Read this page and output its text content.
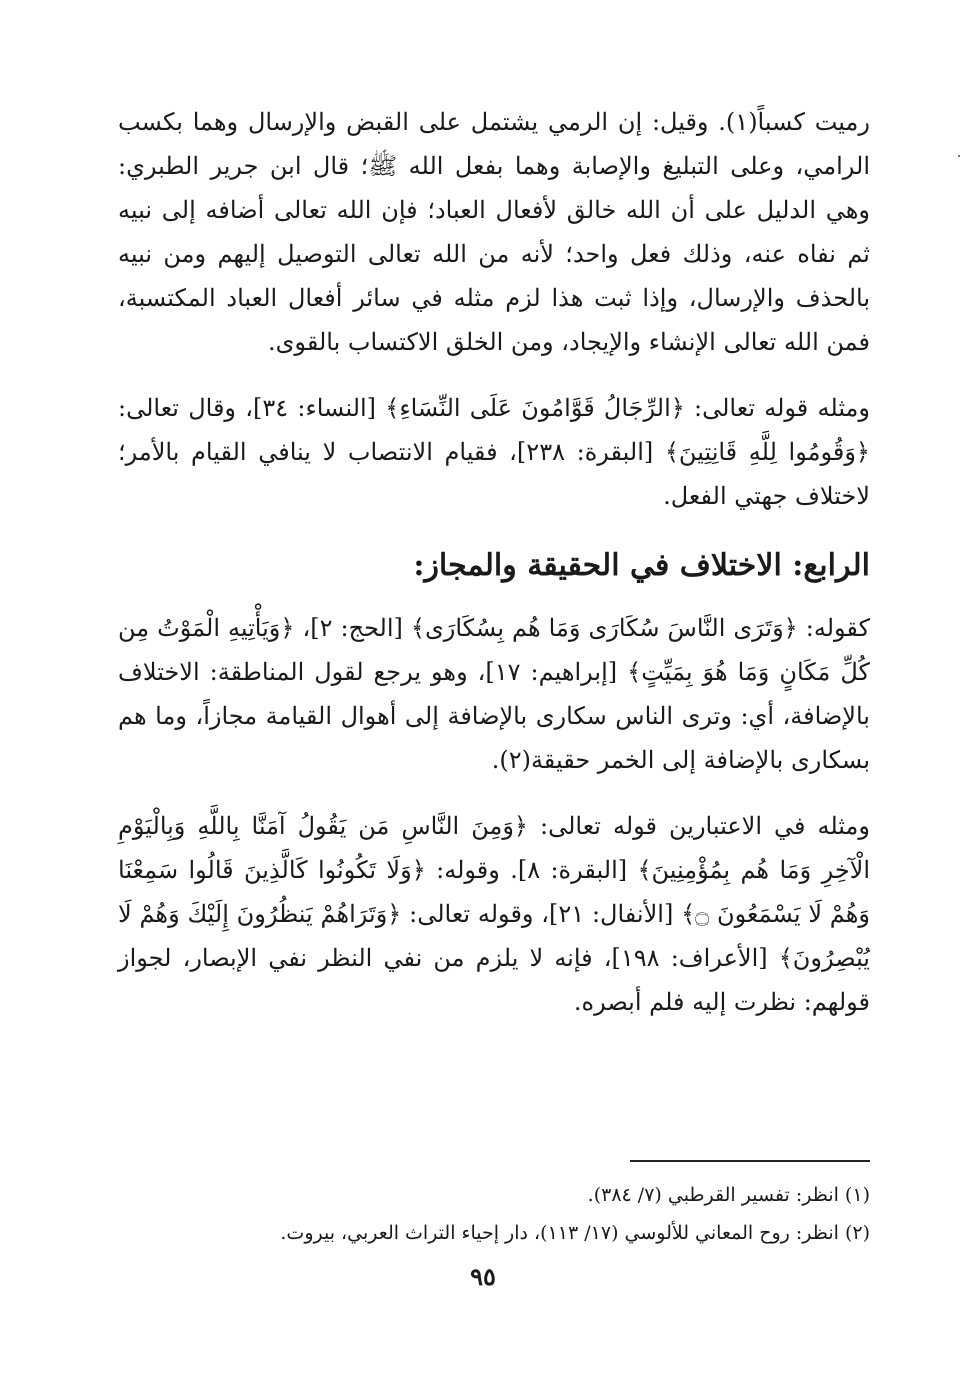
رميت كسباً(١). وقيل: إن الرمي يشتمل على القبض والإرسال وهما بكسب الرامي، وعلى التبليغ والإصابة وهما بفعل الله ﷺ؛ قال ابن جرير الطبري: وهي الدليل على أن الله خالق لأفعال العباد؛ فإن الله تعالى أضافه إلى نبيه ثم نفاه عنه، وذلك فعل واحد؛ لأنه من الله تعالى التوصيل إليهم ومن نبيه بالحذف والإرسال، وإذا ثبت هذا لزم مثله في سائر أفعال العباد المكتسبة، فمن الله تعالى الإنشاء والإيجاد، ومن الخلق الاكتساب بالقوى.

ومثله قوله تعالى: ﴿الرِّجَالُ قَوَّامُونَ عَلَى النِّسَاءِ﴾ [النساء: ٣٤]، وقال تعالى: ﴿وَقُومُوا لِلَّهِ قَانِتِينَ﴾ [البقرة: ٢٣٨]، فقيام الانتصاب لا ينافي القيام بالأمر؛ لاختلاف جهتي الفعل.

الرابع: الاختلاف في الحقيقة والمجاز:

كقوله: ﴿وَتَرَى النَّاسَ سُكَارَى وَمَا هُم بِسُكَارَى﴾ [الحج: ٢]، ﴿وَيَأْتِيهِ الْمَوْتُ مِن كُلِّ مَكَانٍ وَمَا هُوَ بِمَيِّتٍ﴾ [إبراهيم: ١٧]، وهو يرجع لقول المناطقة: الاختلاف بالإضافة، أي: وترى الناس سكارى بالإضافة إلى أهوال القيامة مجازاً، وما هم بسكارى بالإضافة إلى الخمر حقيقة(٢).

ومثله في الاعتبارين قوله تعالى: ﴿وَمِنَ النَّاسِ مَن يَقُولُ آمَنَّا بِاللَّهِ وَبِالْيَوْمِ الْآخِرِ وَمَا هُم بِمُؤْمِنِينَ﴾ [البقرة: ٨]. وقوله: ﴿وَلَا تَكُونُوا كَالَّذِينَ قَالُوا سَمِعْنَا وَهُمْ لَا يَسْمَعُونَ ۝﴾ [الأنفال: ٢١]، وقوله تعالى: ﴿وَتَرَاهُمْ يَنظُرُونَ إِلَيْكَ وَهُمْ لَا يُبْصِرُونَ﴾ [الأعراف: ١٩٨]، فإنه لا يلزم من نفي النظر نفي الإبصار، لجواز قولهم: نظرت إليه فلم أبصره.

(١) انظر: تفسير القرطبي (٧/ ٣٨٤).
(٢) انظر: روح المعاني للألوسي (١٧/ ١١٣)، دار إحياء التراث العربي، بيروت.
٩٥
